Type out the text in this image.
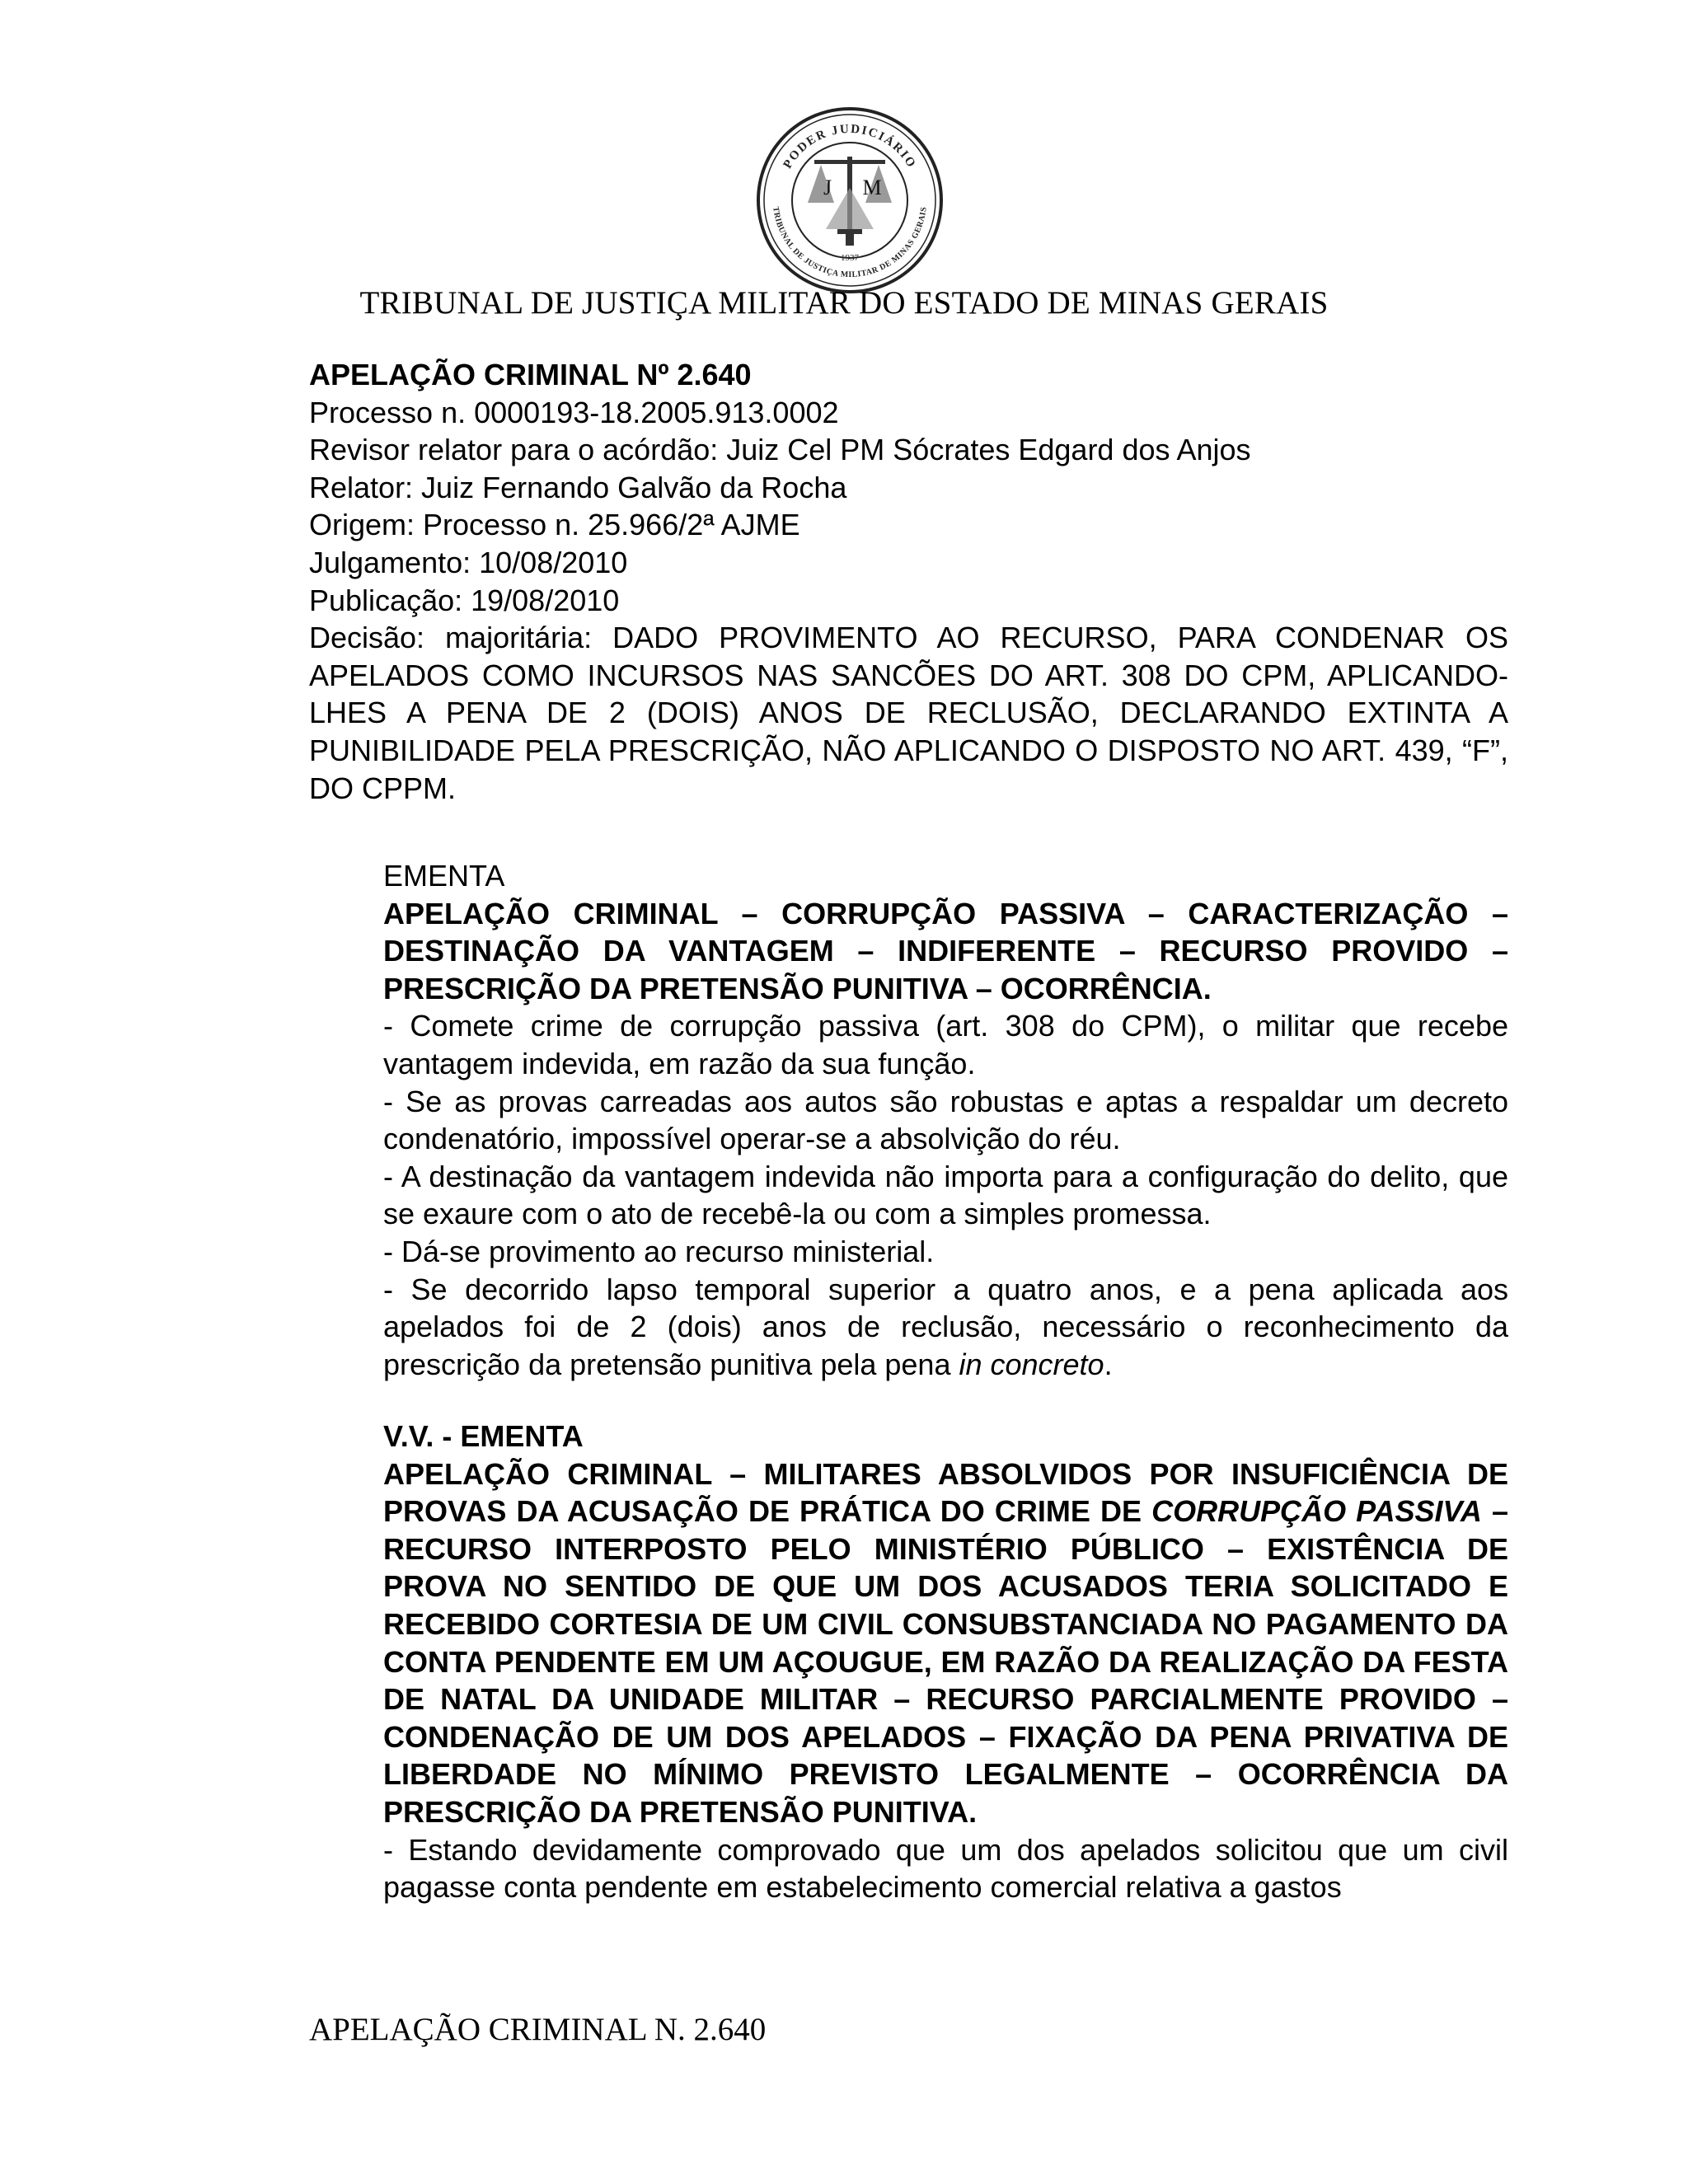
PODER JUDICIÁRIO
TRIBUNAL DE JUSTIÇA MILITAR DE MINAS GERAIS
J M
1937
TRIBUNAL DE JUSTIÇA MILITAR DO ESTADO DE MINAS GERAIS
APELAÇÃO CRIMINAL Nº 2.640
Processo n. 0000193-18.2005.913.0002
Revisor relator para o acórdão: Juiz Cel PM Sócrates Edgard dos Anjos
Relator: Juiz Fernando Galvão da Rocha
Origem: Processo n. 25.966/2ª AJME
Julgamento: 10/08/2010
Publicação: 19/08/2010
Decisão: majoritária: DADO PROVIMENTO AO RECURSO, PARA CONDENAR OS APELADOS COMO INCURSOS NAS SANCÕES DO ART. 308 DO CPM, APLICANDO-LHES A PENA DE 2 (DOIS) ANOS DE RECLUSÃO, DECLARANDO EXTINTA A PUNIBILIDADE PELA PRESCRIÇÃO, NÃO APLICANDO O DISPOSTO NO ART. 439, “F”, DO CPPM.

EMENTA

APELAÇÃO CRIMINAL – CORRUPÇÃO PASSIVA – CARACTERIZAÇÃO – DESTINAÇÃO DA VANTAGEM – INDIFERENTE – RECURSO PROVIDO – PRESCRIÇÃO DA PRETENSÃO PUNITIVA – OCORRÊNCIA.

- Comete crime de corrupção passiva (art. 308 do CPM), o militar que recebe vantagem indevida, em razão da sua função.

- Se as provas carreadas aos autos são robustas e aptas a respaldar um decreto condenatório, impossível operar-se a absolvição do réu.

- A destinação da vantagem indevida não importa para a configuração do delito, que se exaure com o ato de recebê-la ou com a simples promessa.

- Dá-se provimento ao recurso ministerial.

- Se decorrido lapso temporal superior a quatro anos, e a pena aplicada aos apelados foi de 2 (dois) anos de reclusão, necessário o reconhecimento da prescrição da pretensão punitiva pela pena in concreto.

V.V. - EMENTA

APELAÇÃO CRIMINAL – MILITARES ABSOLVIDOS POR INSUFICIÊNCIA DE PROVAS DA ACUSAÇÃO DE PRÁTICA DO CRIME DE CORRUPÇÃO PASSIVA – RECURSO INTERPOSTO PELO MINISTÉRIO PÚBLICO – EXISTÊNCIA DE PROVA NO SENTIDO DE QUE UM DOS ACUSADOS TERIA SOLICITADO E RECEBIDO CORTESIA DE UM CIVIL CONSUBSTANCIADA NO PAGAMENTO DA CONTA PENDENTE EM UM AÇOUGUE, EM RAZÃO DA REALIZAÇÃO DA FESTA DE NATAL DA UNIDADE MILITAR – RECURSO PARCIALMENTE PROVIDO – CONDENAÇÃO DE UM DOS APELADOS – FIXAÇÃO DA PENA PRIVATIVA DE LIBERDADE NO MÍNIMO PREVISTO LEGALMENTE – OCORRÊNCIA DA PRESCRIÇÃO DA PRETENSÃO PUNITIVA.

- Estando devidamente comprovado que um dos apelados solicitou que um civil pagasse conta pendente em estabelecimento comercial relativa a gastos

APELAÇÃO CRIMINAL N. 2.640
